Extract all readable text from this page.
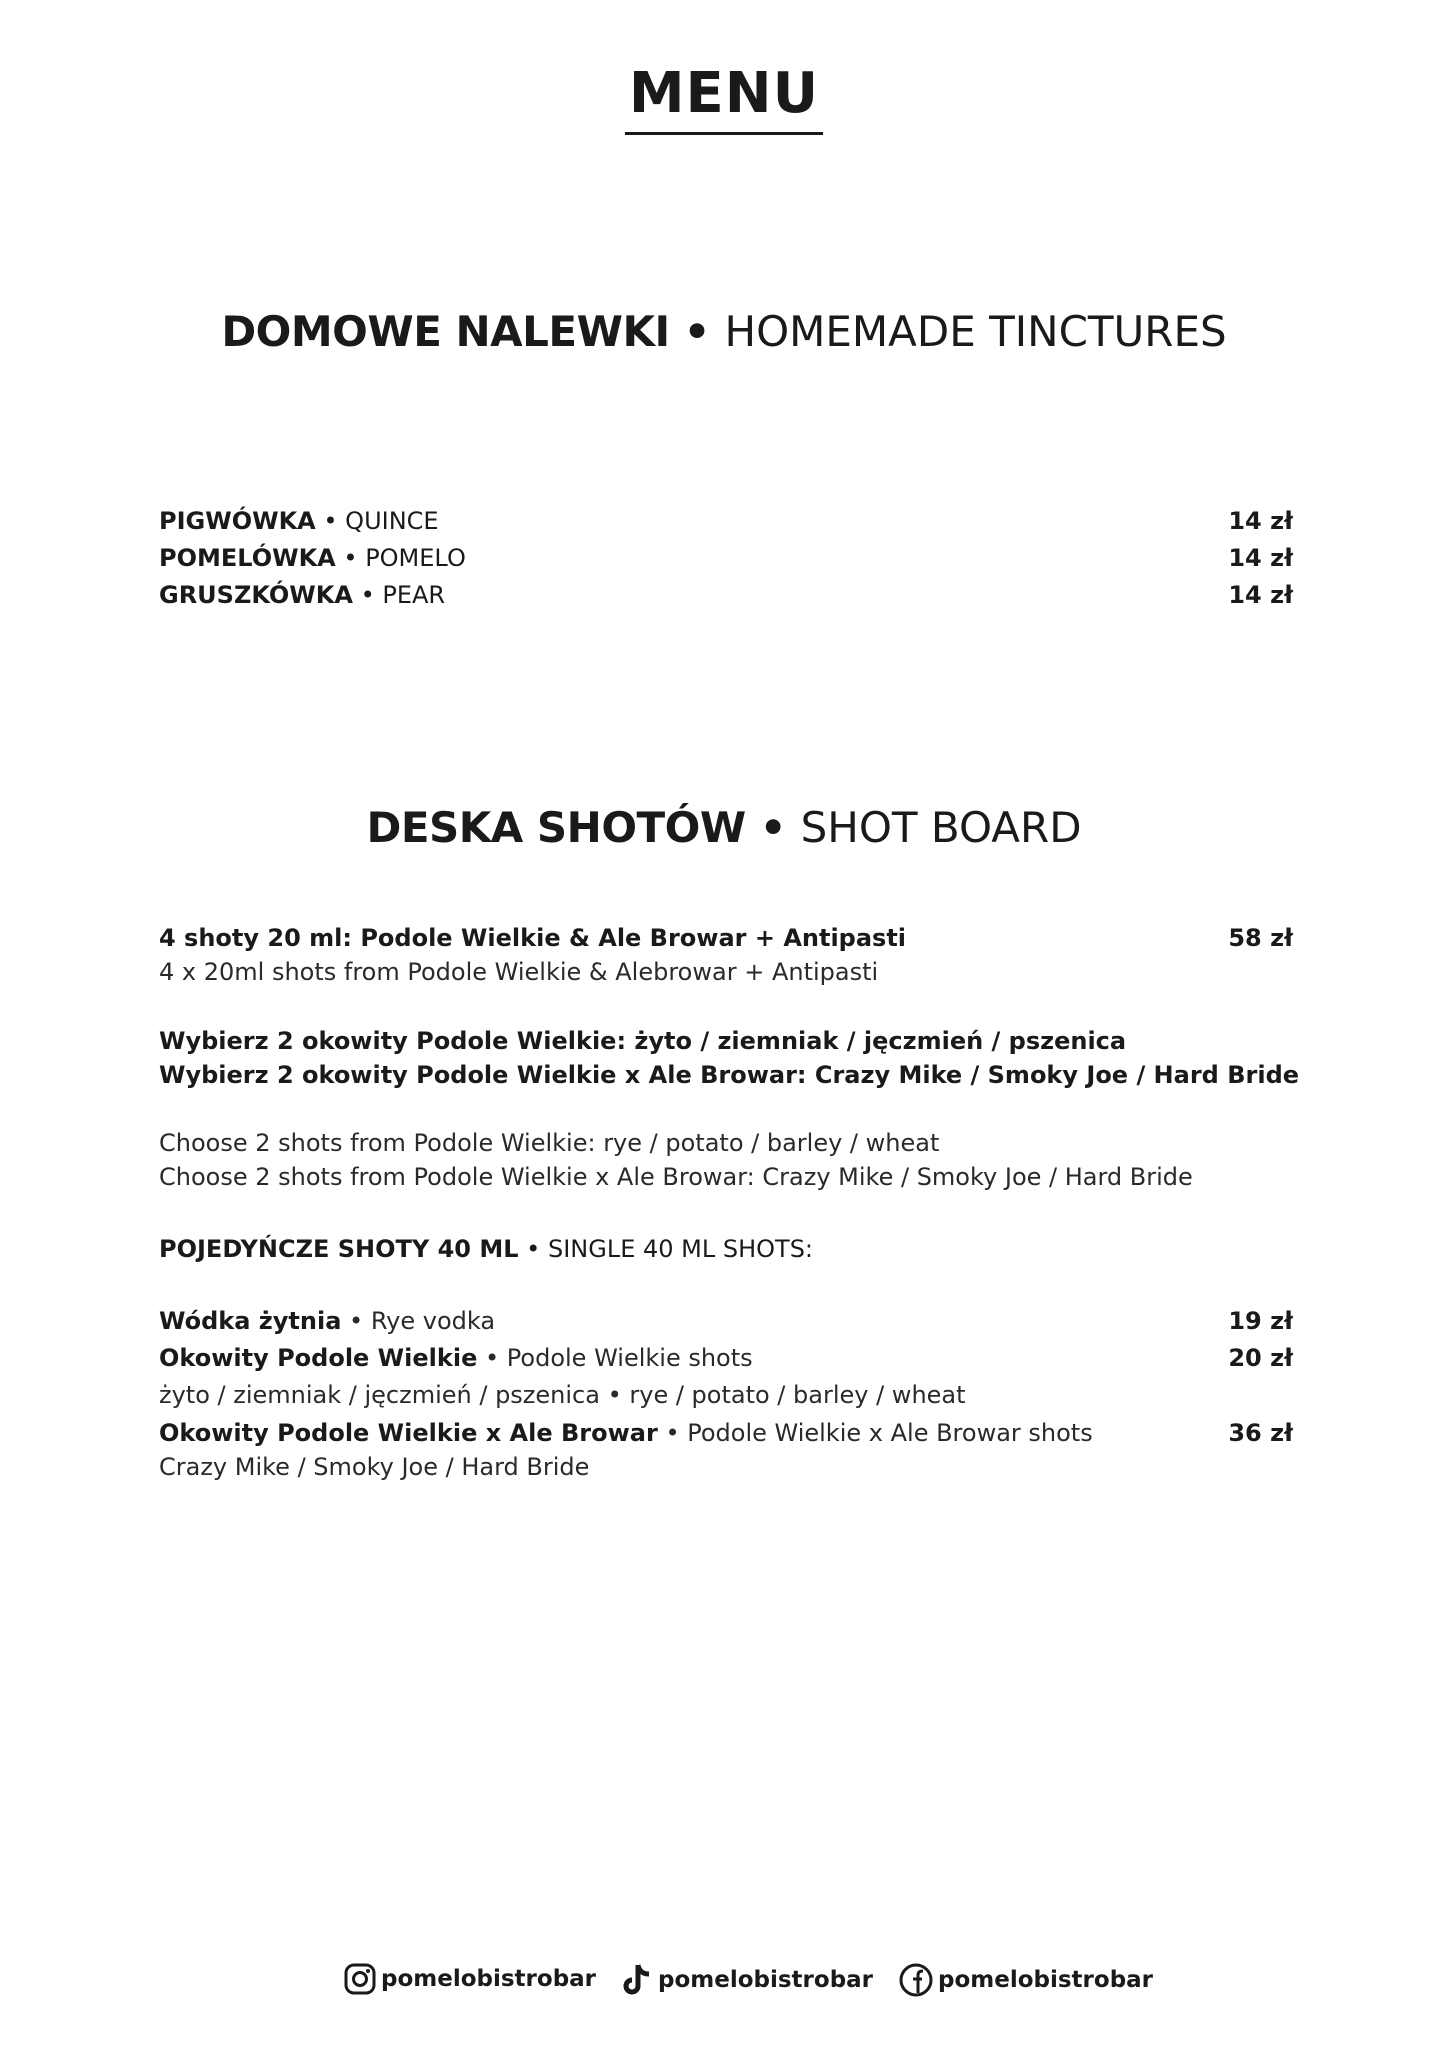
MENU
DOMOWE NALEWKI • HOMEMADE TINCTURES
PIGWÓWKA • QUINCE	14 zł
POMELÓWKA • POMELO	14 zł
GRUSZKÓWKA • PEAR	14 zł
DESKA SHOTÓW • SHOT BOARD
4 shoty 20 ml: Podole Wielkie & Ale Browar + Antipasti	58 zł
4 x 20ml shots from Podole Wielkie & Alebrowar + Antipasti
Wybierz 2 okowity Podole Wielkie: żyto / ziemniak / jęczmień / pszenica
Wybierz 2 okowity Podole Wielkie x Ale Browar: Crazy Mike / Smoky Joe / Hard Bride
Choose 2 shots from Podole Wielkie: rye / potato / barley / wheat
Choose 2 shots from Podole Wielkie x Ale Browar: Crazy Mike / Smoky Joe / Hard Bride
POJEDYŃCZE SHOTY 40 ML • SINGLE 40 ML SHOTS:
Wódka żytnia • Rye vodka	19 zł
Okowity Podole Wielkie • Podole Wielkie shots	20 zł
żyto / ziemniak / jęczmień / pszenica • rye / potato / barley / wheat
Okowity Podole Wielkie x Ale Browar • Podole Wielkie x Ale Browar shots	36 zł
Crazy Mike / Smoky Joe / Hard Bride
pomelobistrobar	pomelobistrobar	pomelobistrobar
